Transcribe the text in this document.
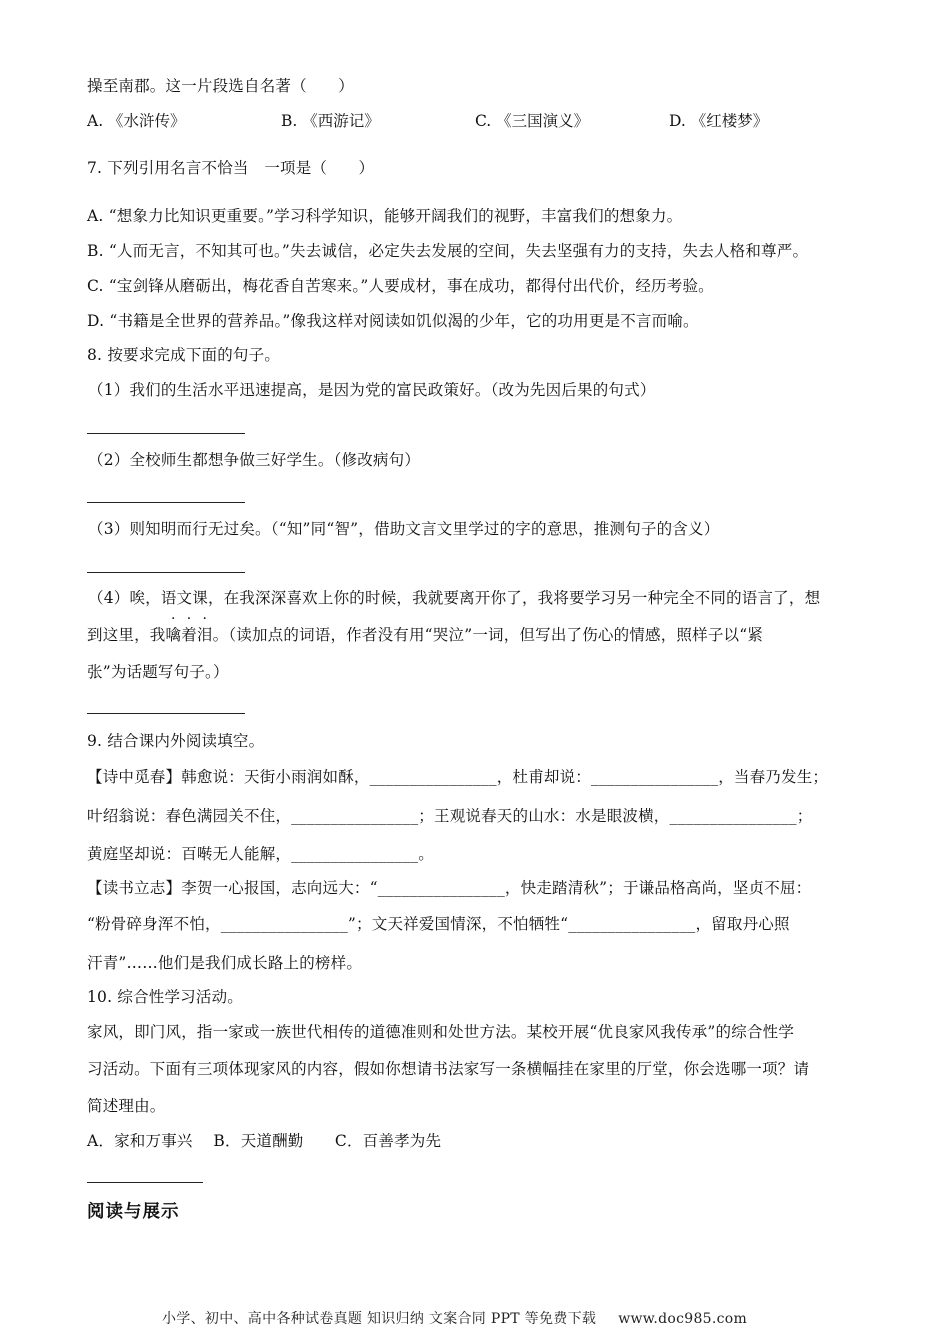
操至南郡。这一片段选自名著（　　）
A. 《水浒传》	B. 《西游记》	C. 《三国演义》	D. 《红楼梦》
7. 下列引用名言不恰当　一项是（　　）
A. “想象力比知识更重要。”学习科学知识，能够开阔我们的视野，丰富我们的想象力。
B. “人而无言，不知其可也。”失去诚信，必定失去发展的空间，失去坚强有力的支持，失去人格和尊严。
C. “宝剑锋从磨砺出，梅花香自苦寒来。”人要成材，事在成功，都得付出代价，经历考验。
D. “书籍是全世界的营养品。”像我这样对阅读如饥似渴的少年，它的功用更是不言而喻。
8. 按要求完成下面的句子。
（1）我们的生活水平迅速提高，是因为党的富民政策好。（改为先因后果的句式）
（2）全校师生都想争做三好学生。（修改病句）
（3）则知明而行无过矣。（“知”同“智”，借助文言文里学过的字的意思，推测句子的含义）
（4）唉，语文课，在我深深喜欢上你的时候，我就要离开你了，我将要学习另一种完全不同的语言了，想
到这里，我噙着泪。（读加点的词语，作者没有用“哭泣”一词，但写出了伤心的情感，照样子以“紧
张”为话题写句子。）
9. 结合课内外阅读填空。
【诗中觅春】韩愈说：天街小雨润如酥，________________，杜甫却说：________________，当春乃发生；
叶绍翁说：春色满园关不住，________________；王观说春天的山水：水是眼波横，________________；
黄庭坚却说：百啭无人能解，________________。
【读书立志】李贺一心报国，志向远大：“________________，快走踏清秋”；于谦品格高尚，坚贞不屈：
“粉骨碎身浑不怕，________________”；文天祥爱国情深，不怕牺牲“________________，留取丹心照
汗青”……他们是我们成长路上的榜样。
10. 综合性学习活动。
家风，即门风，指一家或一族世代相传的道德准则和处世方法。某校开展“优良家风我传承”的综合性学
习活动。下面有三项体现家风的内容，假如你想请书法家写一条横幅挂在家里的厅堂，你会选哪一项？请
简述理由。
A．家和万事兴　 B．天道酬勤　　C．百善孝为先
阅读与展示
小学、初中、高中各种试卷真题 知识归纳 文案合同 PPT 等免费下载 www.doc985.com
